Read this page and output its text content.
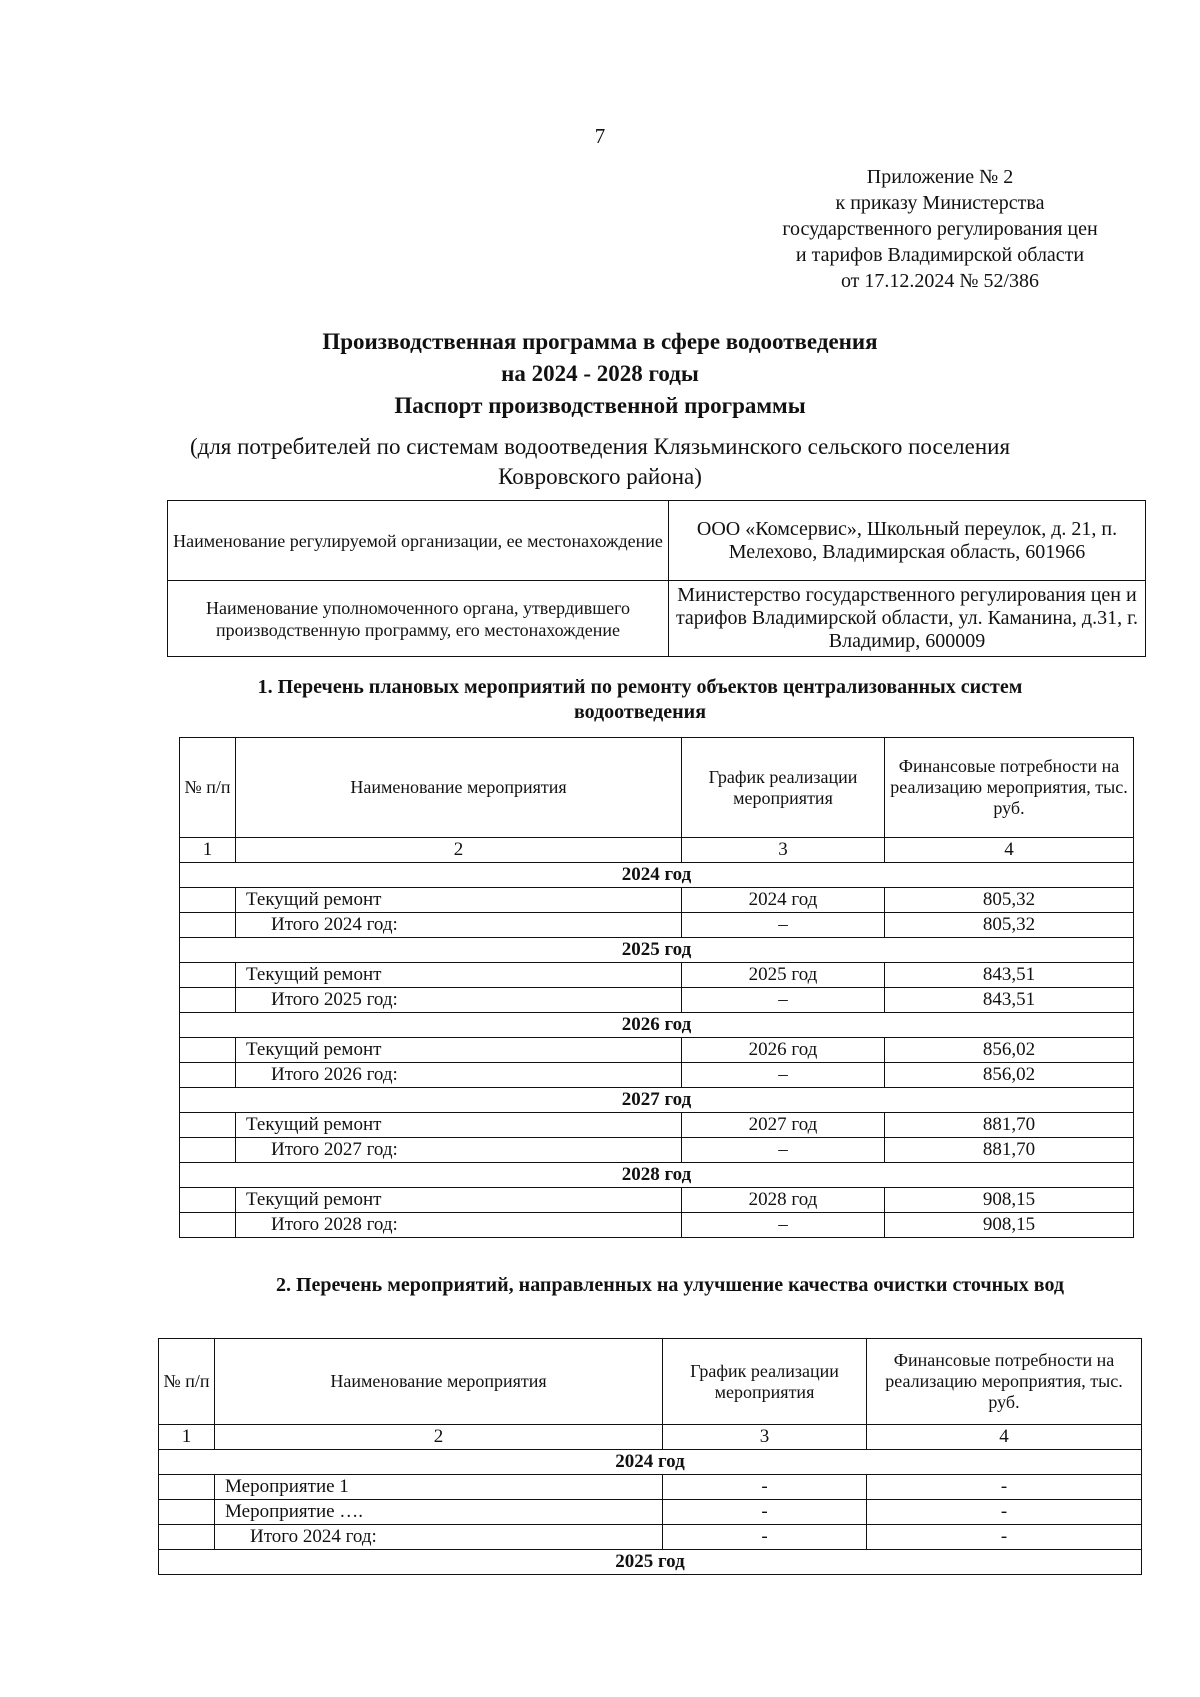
7
Приложение № 2
к приказу Министерства
государственного регулирования цен
и тарифов Владимирской области
от 17.12.2024 № 52/386
Производственная программа в сфере водоотведения
на 2024 - 2028 годы
Паспорт производственной программы
(для потребителей по системам водоотведения Клязьминского сельского поселения Ковровского района)
Наименование регулируемой организации, ее местонахождение	ООО «Комсервис», Школьный переулок, д. 21, п. Мелехово, Владимирская область, 601966
Наименование уполномоченного органа, утвердившего производственную программу, его местонахождение	Министерство государственного регулирования цен и тарифов Владимирской области, ул. Каманина, д.31, г. Владимир, 600009
1. Перечень плановых мероприятий по ремонту объектов централизованных систем водоотведения
№ п/п	Наименование мероприятия	График реализации мероприятия	Финансовые потребности на реализацию мероприятия, тыс. руб.
1	2	3	4
2024 год			
	Текущий ремонт	2024 год	805,32
	Итого 2024 год:	–	805,32
2025 год			
	Текущий ремонт	2025 год	843,51
	Итого 2025 год:	–	843,51
2026 год			
	Текущий ремонт	2026 год	856,02
	Итого 2026 год:	–	856,02
2027 год			
	Текущий ремонт	2027 год	881,70
	Итого 2027 год:	–	881,70
2028 год			
	Текущий ремонт	2028 год	908,15
	Итого 2028 год:	–	908,15
2. Перечень мероприятий, направленных на улучшение качества очистки сточных вод
№ п/п	Наименование мероприятия	График реализации мероприятия	Финансовые потребности на реализацию мероприятия, тыс. руб.
1	2	3	4
2024 год			
	Мероприятие 1	-	-
	Мероприятие ….	-	-
	Итого 2024 год:	-	-
2025 год			
